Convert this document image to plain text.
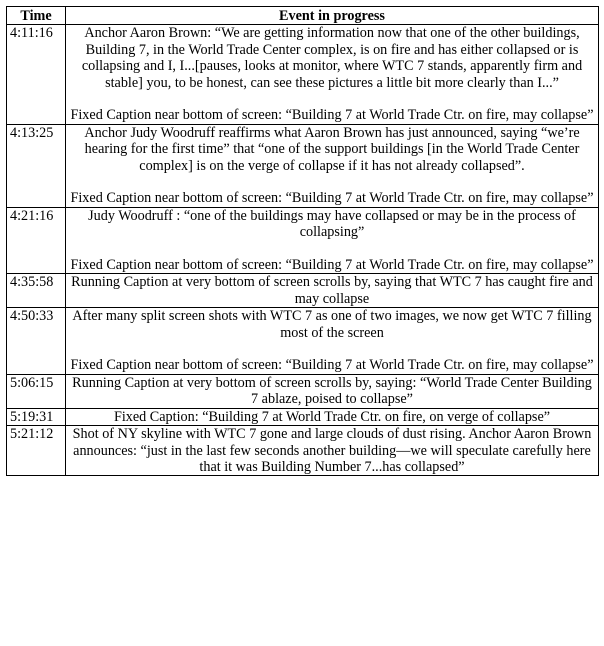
Time	Event in progress
4:11:16	Anchor Aaron Brown: “We are getting information now that one of the other buildings, Building 7, in the World Trade Center complex, is on fire and has either collapsed or is collapsing and I, I...[pauses, looks at monitor, where WTC 7 stands, apparently firm and stable] you, to be honest, can see these pictures a little bit more clearly than I...”
Fixed Caption near bottom of screen: “Building 7 at World Trade Ctr. on fire, may collapse”

4:13:25	Anchor Judy Woodruff reaffirms what Aaron Brown has just announced, saying “we’re hearing for the first time” that “one of the support buildings [in the World Trade Center complex] is on the verge of collapse if it has not already collapsed”.
Fixed Caption near bottom of screen: “Building 7 at World Trade Ctr. on fire, may collapse”

4:21:16	Judy Woodruff : “one of the buildings may have collapsed or may be in the process of collapsing”
Fixed Caption near bottom of screen: “Building 7 at World Trade Ctr. on fire, may collapse”

4:35:58	Running Caption at very bottom of screen scrolls by, saying that WTC 7 has caught fire and may collapse

4:50:33	After many split screen shots with WTC 7 as one of two images, we now get WTC 7 filling most of the screen
Fixed Caption near bottom of screen: “Building 7 at World Trade Ctr. on fire, may collapse”

5:06:15	Running Caption at very bottom of screen scrolls by, saying: “World Trade Center Building 7 ablaze, poised to collapse”

5:19:31	Fixed Caption: “Building 7 at World Trade Ctr. on fire, on verge of collapse”

5:21:12	Shot of NY skyline with WTC 7 gone and large clouds of dust rising. Anchor Aaron Brown announces: “just in the last few seconds another building—we will speculate carefully here that it was Building Number 7...has collapsed”
